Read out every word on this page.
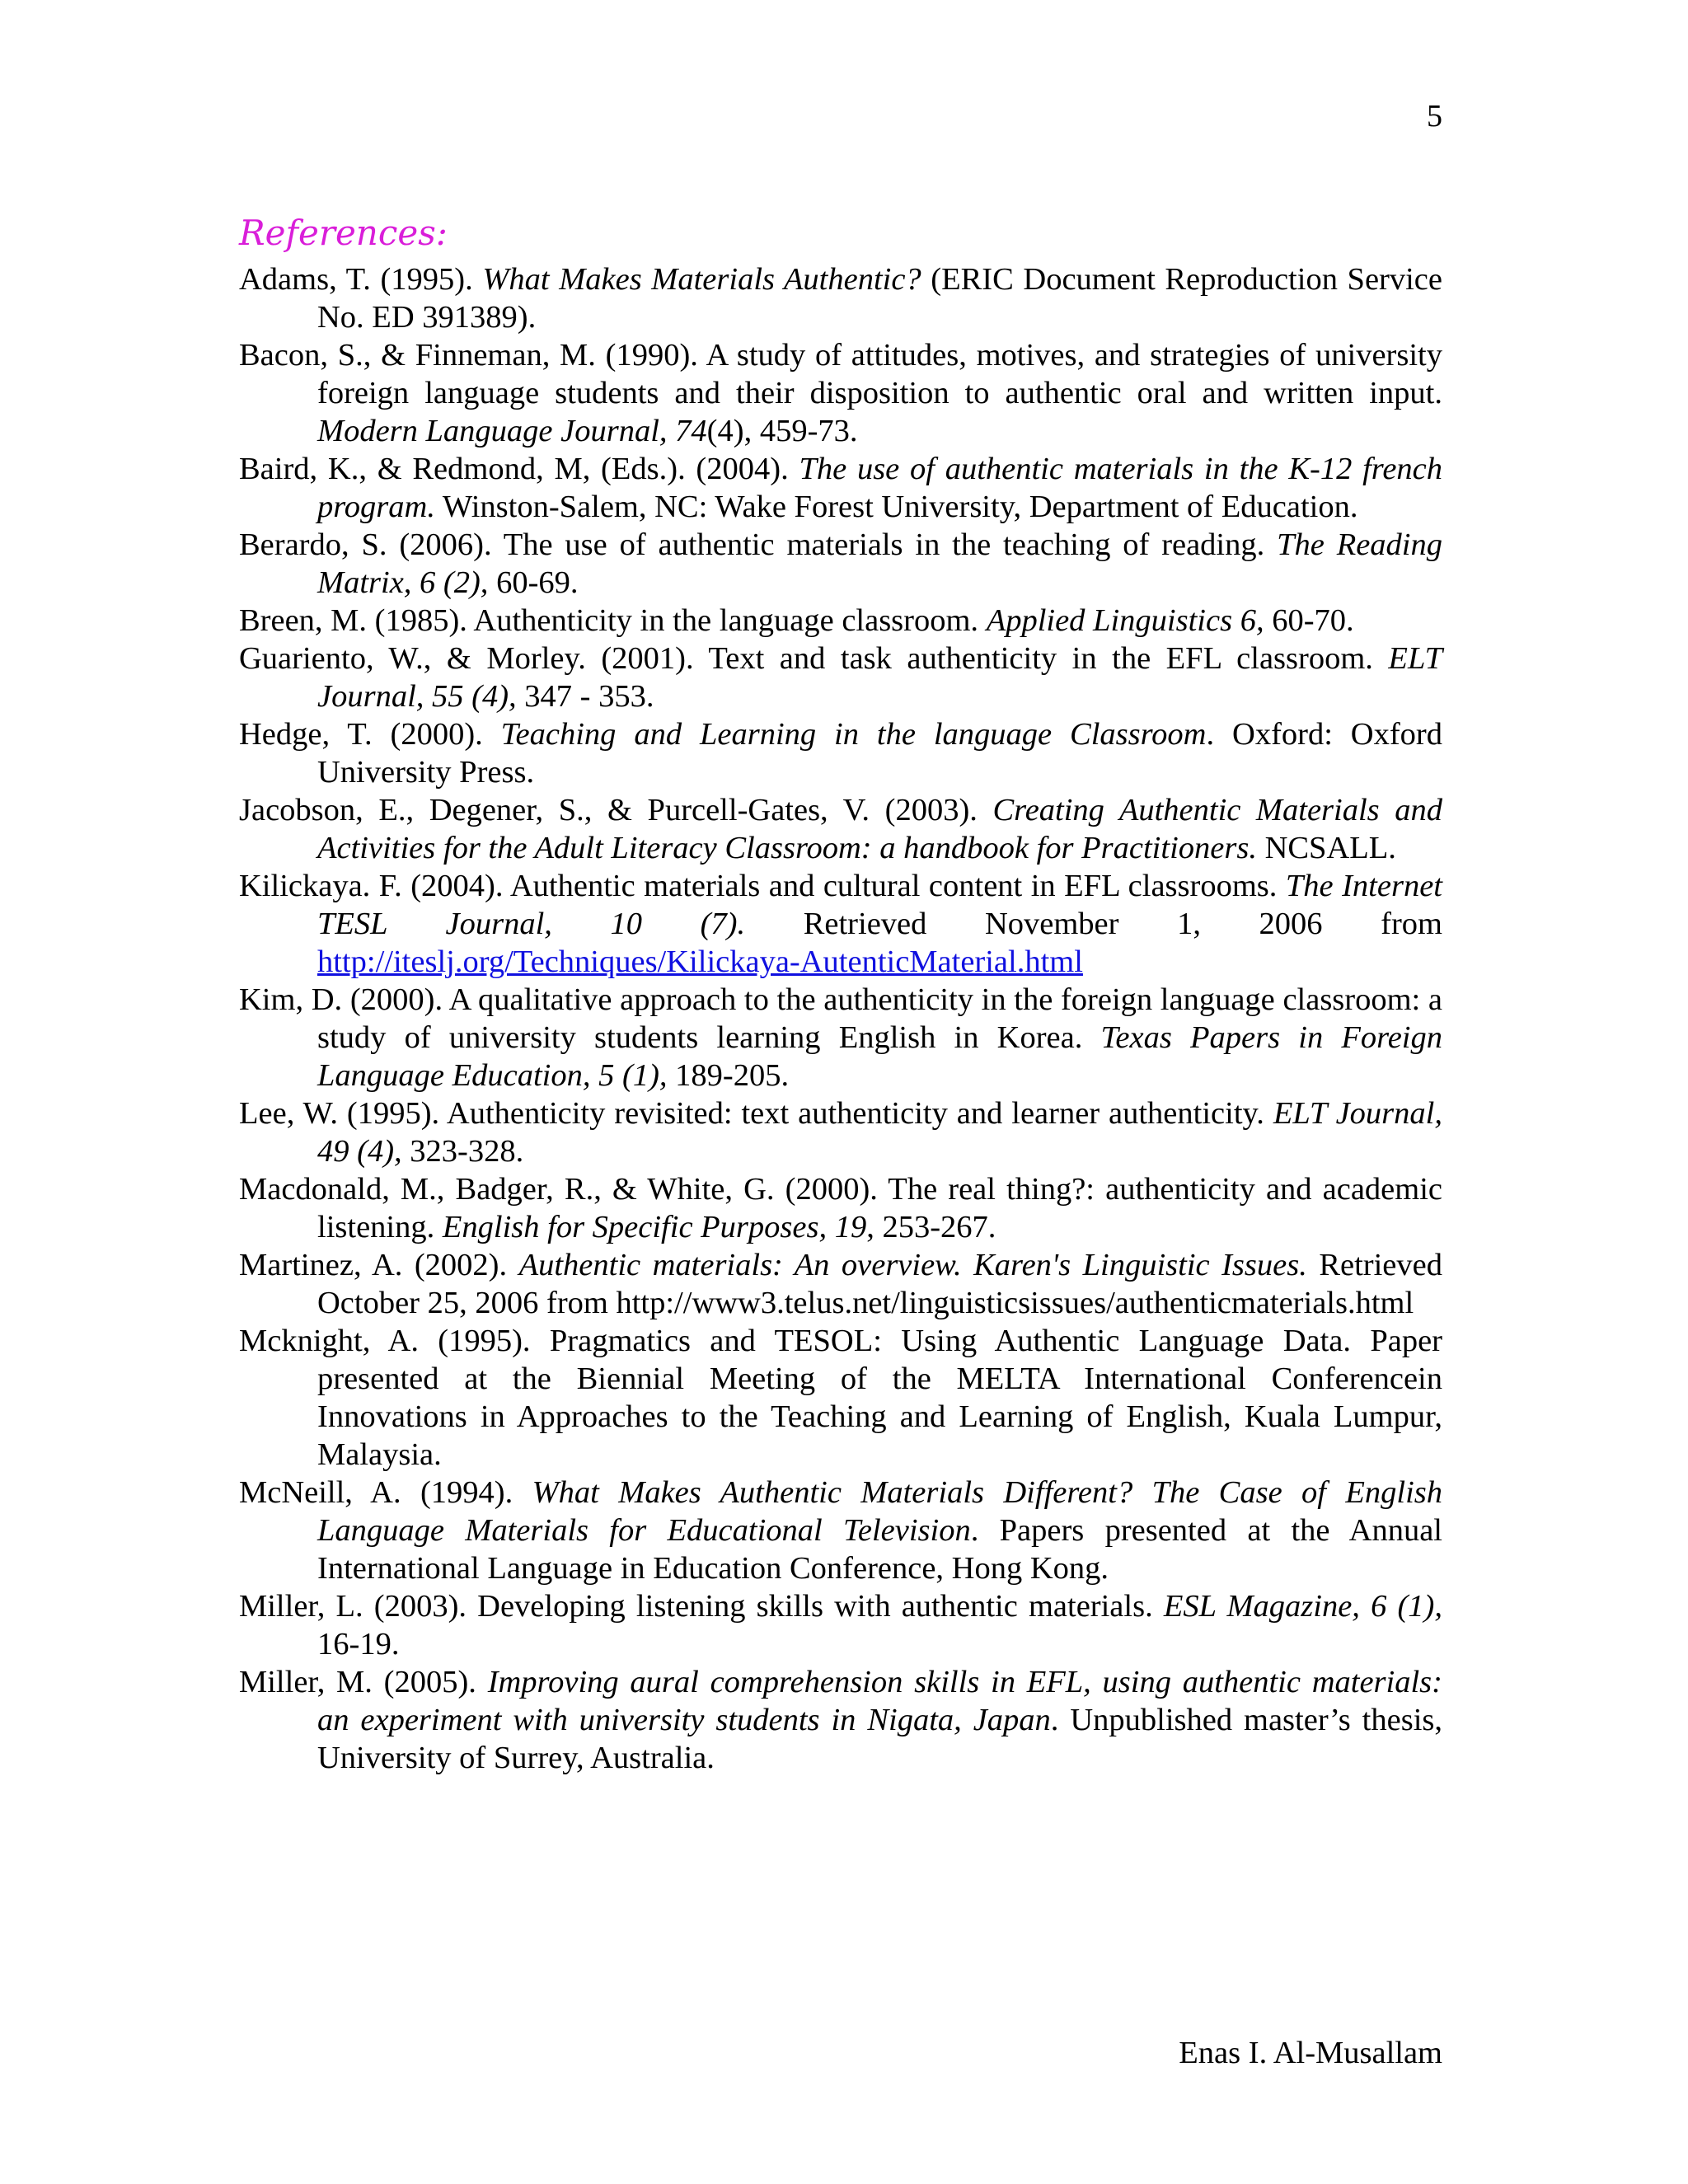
5
References:

Adams, T. (1995). What Makes Materials Authentic? (ERIC Document Reproduction Service No. ED 391389).

Bacon, S., & Finneman, M. (1990). A study of attitudes, motives, and strategies of university foreign language students and their disposition to authentic oral and written input. Modern Language Journal, 74(4), 459-73.

Baird, K., & Redmond, M, (Eds.). (2004). The use of authentic materials in the K-12 french program. Winston-Salem, NC: Wake Forest University, Department of Education.

Berardo, S. (2006). The use of authentic materials in the teaching of reading. The Reading Matrix, 6 (2), 60-69.

Breen, M. (1985). Authenticity in the language classroom. Applied Linguistics 6, 60-70.

Guariento, W., & Morley. (2001). Text and task authenticity in the EFL classroom. ELT Journal, 55 (4), 347 - 353.

Hedge, T. (2000). Teaching and Learning in the language Classroom. Oxford: Oxford University Press.

Jacobson, E., Degener, S., & Purcell-Gates, V. (2003). Creating Authentic Materials and Activities for the Adult Literacy Classroom: a handbook for Practitioners. NCSALL.

Kilickaya. F. (2004). Authentic materials and cultural content in EFL classrooms. The Internet TESL Journal, 10 (7). Retrieved November 1, 2006 from http://iteslj.org/Techniques/Kilickaya-AutenticMaterial.html

Kim, D. (2000). A qualitative approach to the authenticity in the foreign language classroom: a study of university students learning English in Korea. Texas Papers in Foreign Language Education, 5 (1), 189-205.

Lee, W. (1995). Authenticity revisited: text authenticity and learner authenticity. ELT Journal, 49 (4), 323-328.

Macdonald, M., Badger, R., & White, G. (2000). The real thing?: authenticity and academic listening. English for Specific Purposes, 19, 253-267.

Martinez, A. (2002). Authentic materials: An overview. Karen's Linguistic Issues. Retrieved October 25, 2006 from http://www3.telus.net/linguisticsissues/authenticmaterials.html

Mcknight, A. (1995). Pragmatics and TESOL: Using Authentic Language Data. Paper presented at the Biennial Meeting of the MELTA International Conferencein Innovations in Approaches to the Teaching and Learning of English, Kuala Lumpur, Malaysia.

McNeill, A. (1994). What Makes Authentic Materials Different? The Case of English Language Materials for Educational Television. Papers presented at the Annual International Language in Education Conference, Hong Kong.

Miller, L. (2003). Developing listening skills with authentic materials. ESL Magazine, 6 (1), 16-19.

Miller, M. (2005). Improving aural comprehension skills in EFL, using authentic materials: an experiment with university students in Nigata, Japan. Unpublished master’s thesis, University of Surrey, Australia.

Enas I. Al-Musallam
